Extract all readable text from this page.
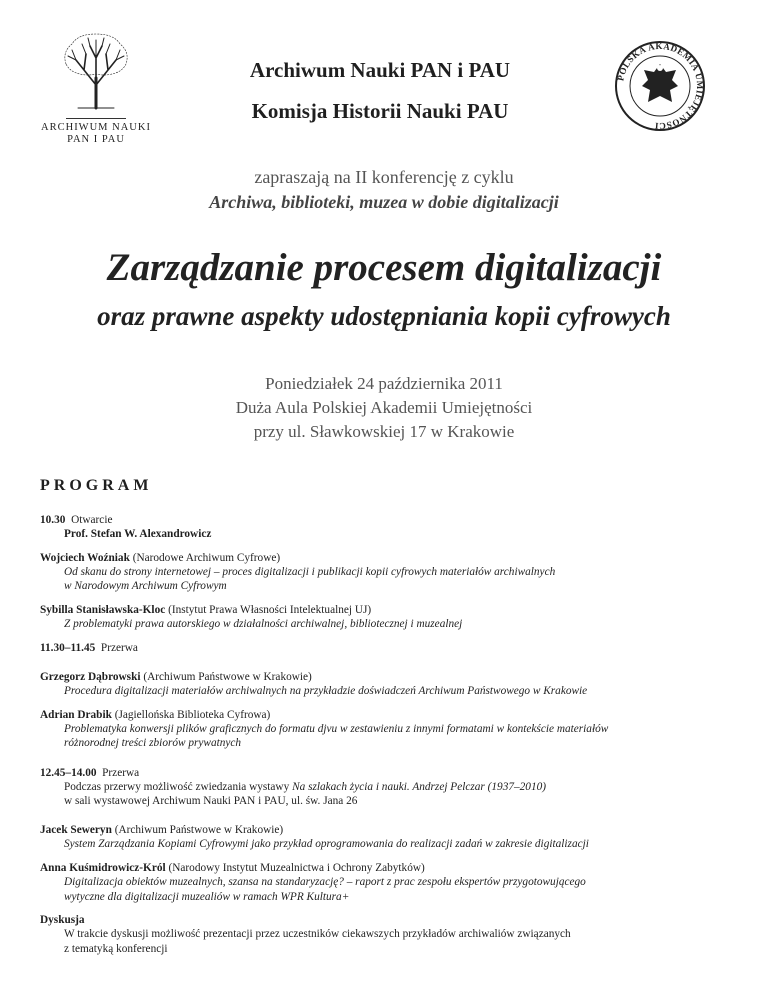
ARCHIWUM NAUKI
PAN I PAU
Archiwum Nauki PAN i PAU
Komisja Historii Nauki PAU
POLSKA AKADEMIA UMIEJĘTNOŚCI
zapraszają na II konferencję z cyklu
Archiwa, biblioteki, muzea w dobie digitalizacji
Zarządzanie procesem digitalizacji
oraz prawne aspekty udostępniania kopii cyfrowych
Poniedziałek 24 października 2011
Duża Aula Polskiej Akademii Umiejętności
przy ul. Sławkowskiej 17 w Krakowie
PROGRAM
10.30 Otwarcie
Prof. Stefan W. Alexandrowicz
Wojciech Woźniak (Narodowe Archiwum Cyfrowe)
Od skanu do strony internetowej – proces digitalizacji i publikacji kopii cyfrowych materiałów archiwalnych
w Narodowym Archiwum Cyfrowym
Sybilla Stanisławska-Kloc (Instytut Prawa Własności Intelektualnej UJ)
Z problematyki prawa autorskiego w działalności archiwalnej, bibliotecznej i muzealnej
11.30–11.45 Przerwa
Grzegorz Dąbrowski (Archiwum Państwowe w Krakowie)
Procedura digitalizacji materiałów archiwalnych na przykładzie doświadczeń Archiwum Państwowego w Krakowie
Adrian Drabik (Jagiellońska Biblioteka Cyfrowa)
Problematyka konwersji plików graficznych do formatu djvu w zestawieniu z innymi formatami w kontekście materiałów
różnorodnej treści zbiorów prywatnych
12.45–14.00 Przerwa
Podczas przerwy możliwość zwiedzania wystawy Na szlakach życia i nauki. Andrzej Pelczar (1937–2010)
w sali wystawowej Archiwum Nauki PAN i PAU, ul. św. Jana 26
Jacek Seweryn (Archiwum Państwowe w Krakowie)
System Zarządzania Kopiami Cyfrowymi jako przykład oprogramowania do realizacji zadań w zakresie digitalizacji
Anna Kuśmidrowicz-Król (Narodowy Instytut Muzealnictwa i Ochrony Zabytków)
Digitalizacja obiektów muzealnych, szansa na standaryzację? – raport z prac zespołu ekspertów przygotowującego
wytyczne dla digitalizacji muzealiów w ramach WPR Kultura+
Dyskusja
W trakcie dyskusji możliwość prezentacji przez uczestników ciekawszych przykładów archiwaliów związanych
z tematyką konferencji
